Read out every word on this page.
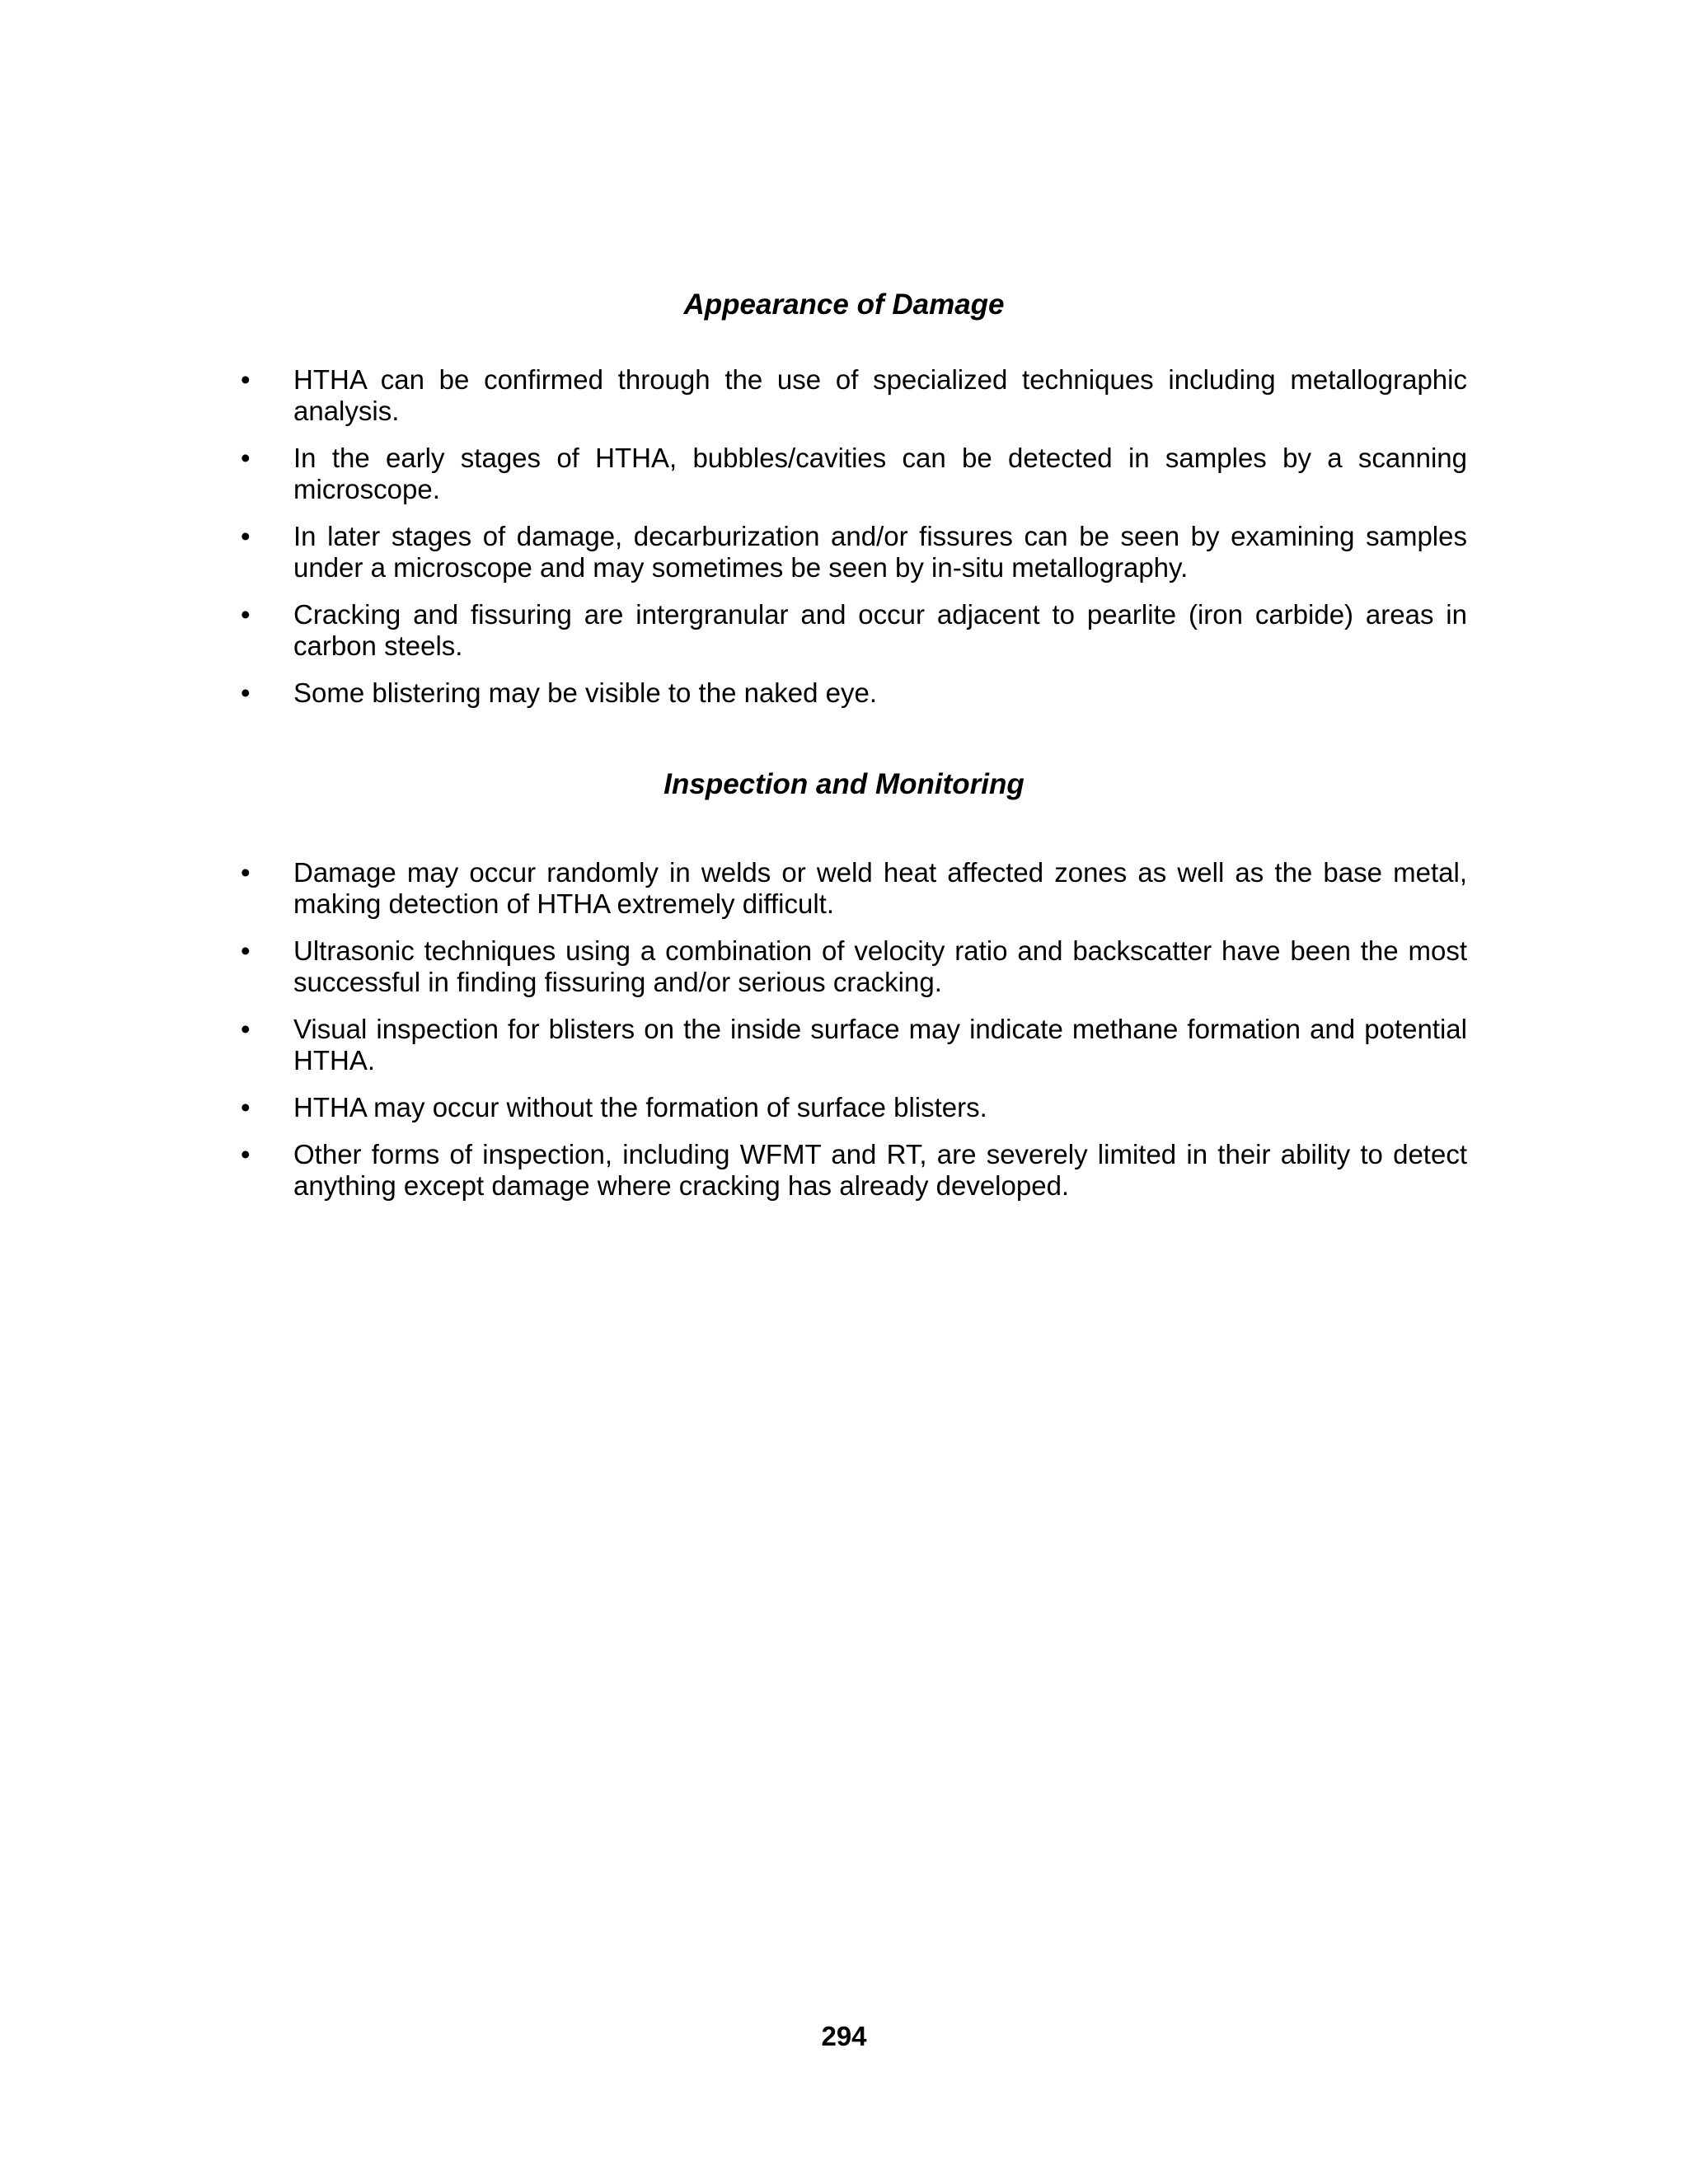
Appearance of Damage
• HTHA can be confirmed through the use of specialized techniques including metallographic analysis.
• In the early stages of HTHA, bubbles/cavities can be detected in samples by a scanning microscope.
• In later stages of damage, decarburization and/or fissures can be seen by examining samples under a microscope and may sometimes be seen by in-situ metallography.
• Cracking and fissuring are intergranular and occur adjacent to pearlite (iron carbide) areas in carbon steels.
• Some blistering may be visible to the naked eye.
Inspection and Monitoring
• Damage may occur randomly in welds or weld heat affected zones as well as the base metal, making detection of HTHA extremely difficult.
• Ultrasonic techniques using a combination of velocity ratio and backscatter have been the most successful in finding fissuring and/or serious cracking.
• Visual inspection for blisters on the inside surface may indicate methane formation and potential HTHA.
• HTHA may occur without the formation of surface blisters.
• Other forms of inspection, including WFMT and RT, are severely limited in their ability to detect anything except damage where cracking has already developed.
294
